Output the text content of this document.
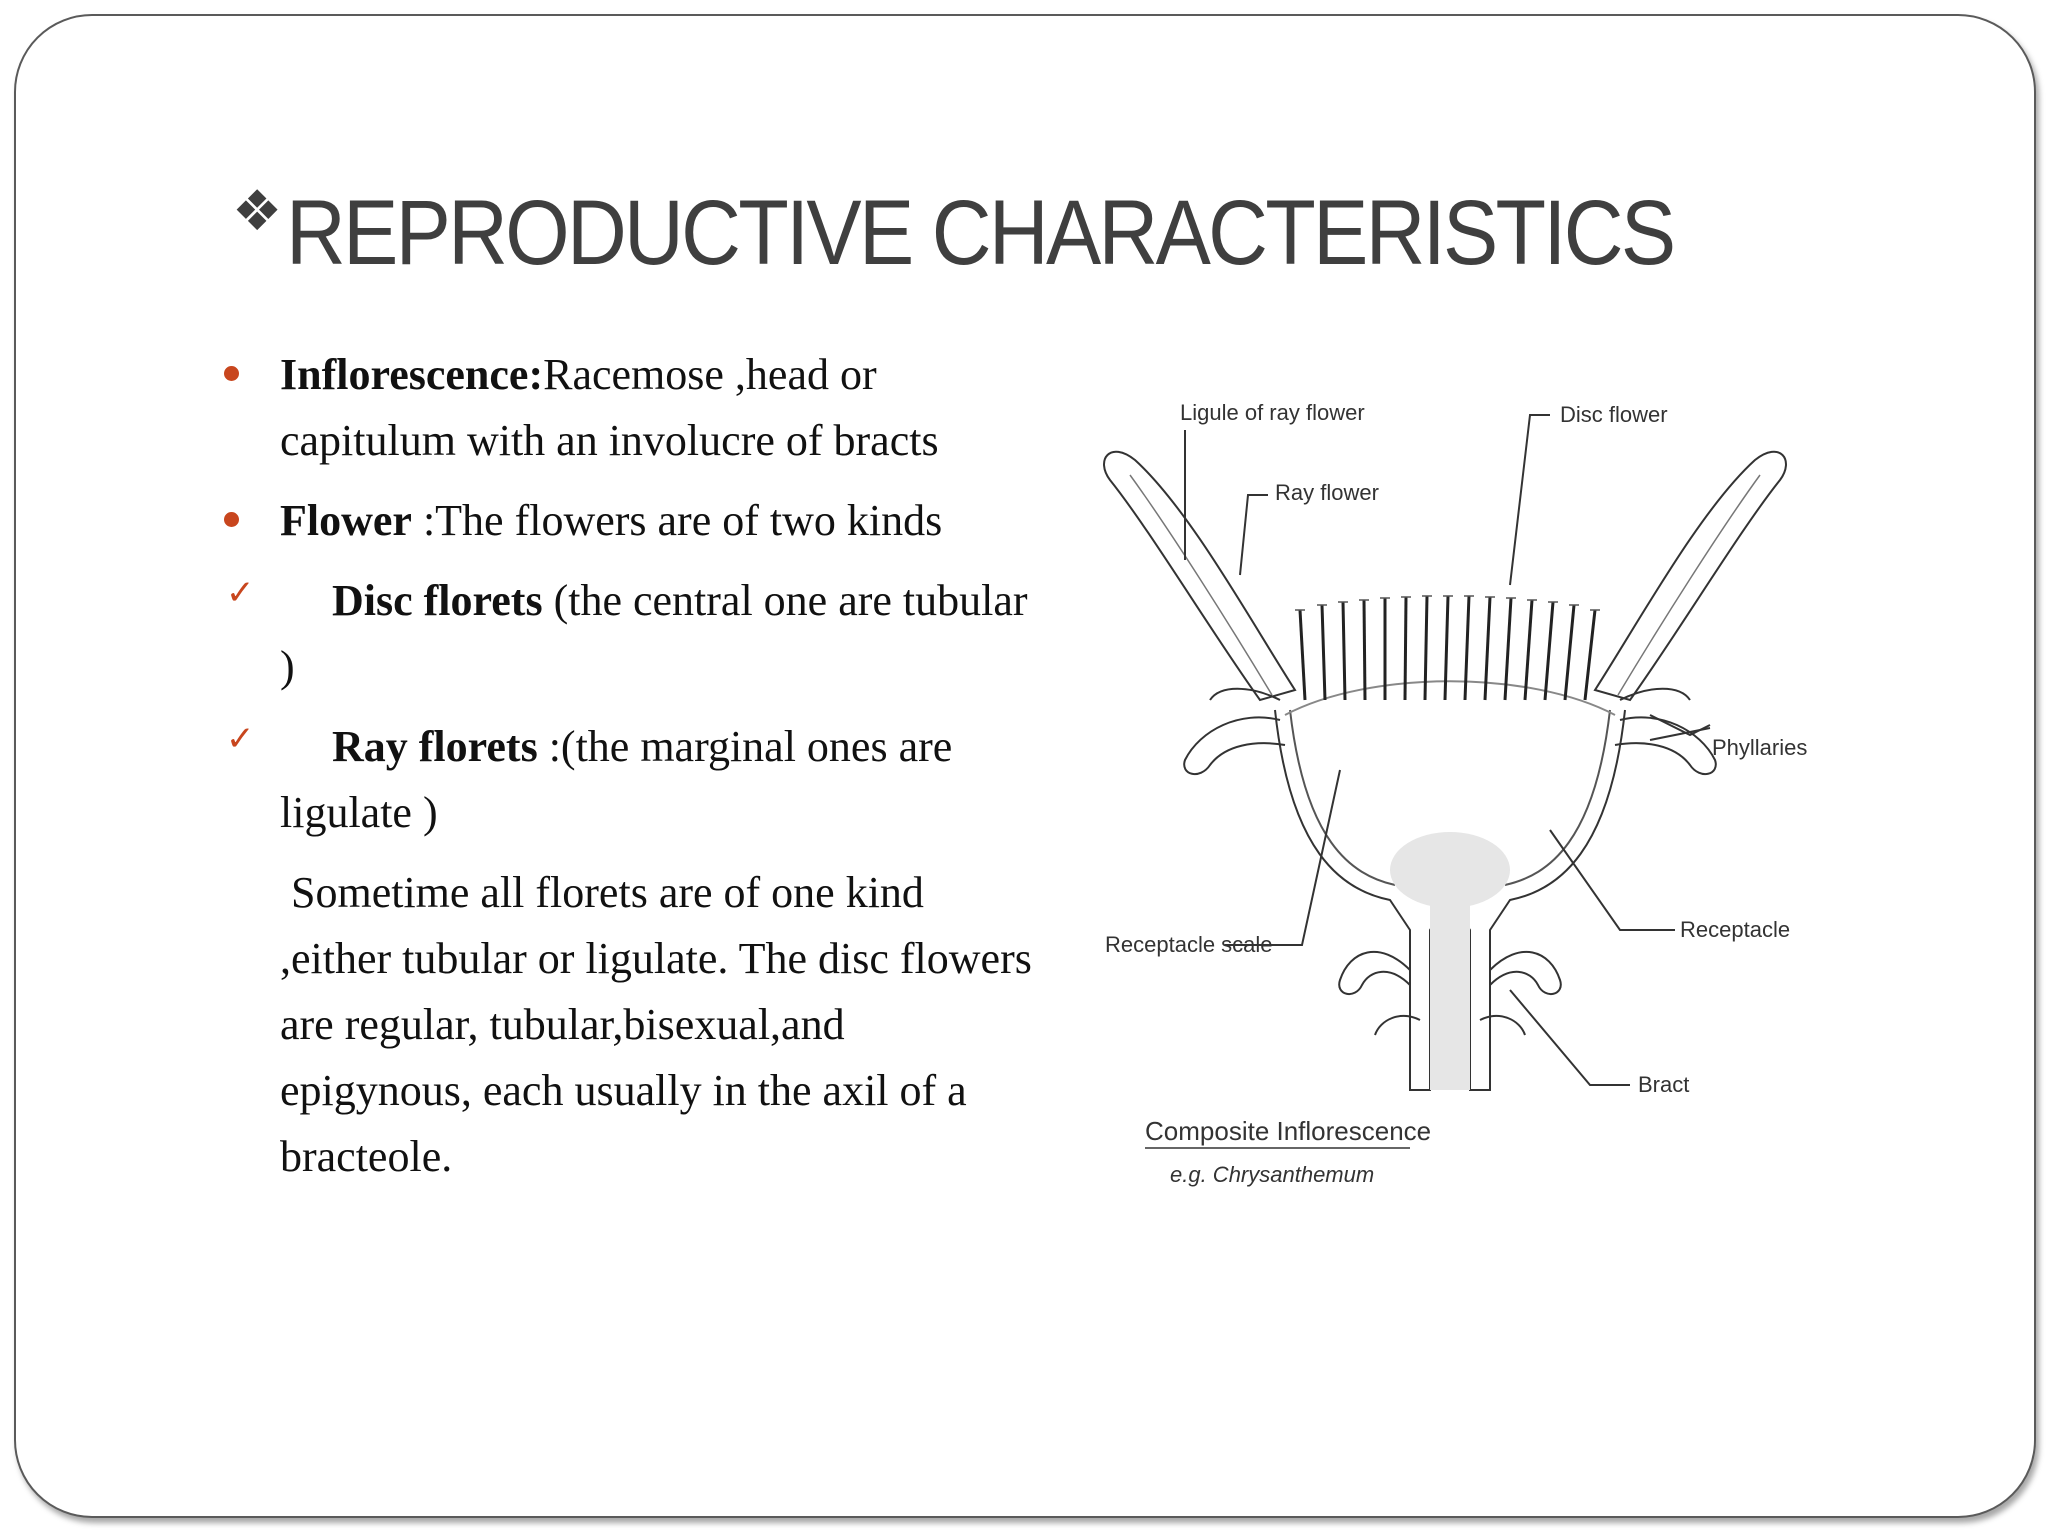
❖ REPRODUCTIVE CHARACTERISTICS
Inflorescence:Racemose ,head or capitulum with an involucre of bracts
Flower :The flowers are of two kinds
✓ Disc florets (the central one are tubular )
✓ Ray florets :(the marginal ones are ligulate )
Sometime all florets are of one kind ,either tubular or ligulate. The disc flowers are regular, tubular,bisexual,and epigynous, each usually in the axil of a bracteole.
Ligule of ray flower	Disc flower
Ray flower
Phyllaries
Receptacle scale
Receptacle
Bract
Composite Inflorescence
e.g. Chrysanthemum
